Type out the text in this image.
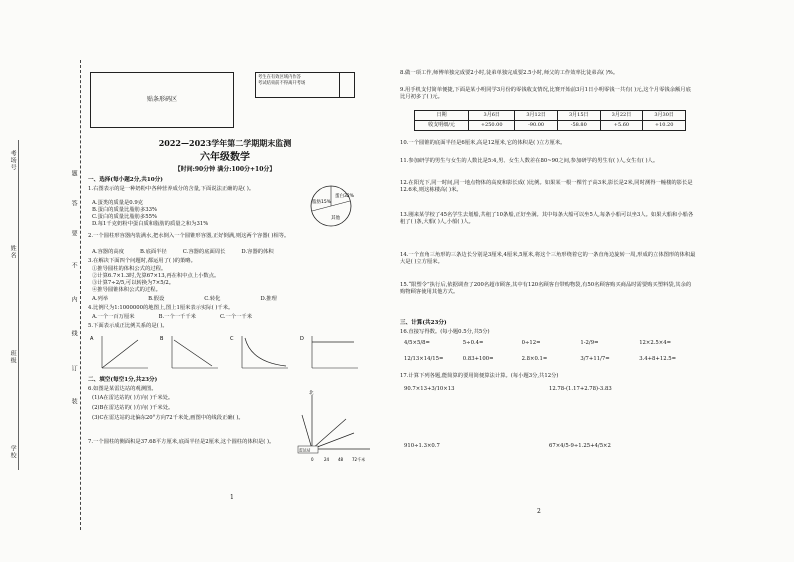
考场号
姓名
班级
学校
题
答
要
不
内
线
订
装
贴条形码区
考生在有效区域内作答
考试结束前不得离开考场
2022—2023学年第二学期期末监测
六年级数学
【时间:90分钟 满分:100分+10分】
一、选择(每小题2分,共10分)
1.右图表示的是一种奶粉中各种营养成分的含量,下面说法正确的是( )。
A.蛋类的质量是0.9克
B.蛋白的质量比脂肪多33%
C.蛋白的质量比脂肪多55%
D.每1千克奶粉中蛋白质和脂肪的质量之和为31%
蛋白32%
脂肪15%
其他
2.一个圆柱形容器内装满水,把水倒入一个圆锥形容器,正好倒满,则这两个容器( )相等。
A.容器的高度	B.底面半径	C.容器的底面周长	D.容器的体积
3.在解决下面四个问题时,都运用了( )的策略。
①推导圆柱的体积公式的过程。
②计算6.7×1.3时,先算67×13,再在积中点上小数点。
③计算7÷2/5,可以转换为7×5/2。
④推导圆锥体积公式的过程。
A.列举	B.假设	C.转化	D.推理
4.比例尺为1:1000000的地图上,图上1厘米表示实际( )千米。
A.一个一百万厘米	B.一个一千千米	C.一个一千米
5.下面表示成正比例关系的是( )。
A	B	C	D
二、填空(每空1分,共23分)
6.如图是某雷达站的观测图。
(1)A在雷达站的( )方向( )千米处。
(2)B在雷达站的( )方向( )千米处。
(3)C在雷达站的北偏东20°方向72千米处,画图中的线段正确( )。
北
雷达站
0	24 48 72千米
7.一个圆柱的侧面积是37.68平方厘米,底面半径是2厘米,这个圆柱的体积是( )。
1
8.做一项工作,师傅单独完成要2小时,徒弟单独完成要2.5小时,师父的工作效率比徒弟高( )%。
9.用手机支付简单便捷,下面是某小明同学3月份的零钱收支情况,比赛开始前3月1日小明零钱一共有( )元,这个月零钱余额月底比月初多了( )元。
日期	3月6日	3月12日	3月15日	3月22日	3月30日
收支明细/元	+250.00	-90.00	-58.80	+5.60	+10.20
10.一个圆锥的底面半径是6厘米,高是12厘米,它的体积是( )立方厘米。
11.参加研学的男生与女生的人数比是5:4,男、女生人数差在80~90之间,参加研学的男生有( )人,女生有( )人。
12.在阳光下,同一时间,同一地点物体的高度和影长成( )比例。如果某一根一棵竹子高3米,影长是2米,同时测得一幢楼的影长是12.6米,则这栋楼高( )米。
13.刚来某学校了45名学生去划船,共租了10条船,正好坐满。其中每条大船可以坐5人,每条小船可以坐3人。如果大船和小船各租了( )条,大船( )人,小船( )人。
14.一个直角三角形的三条边长分别是3厘米,4厘米,5厘米,将这个三角形绕着它的一条直角边旋转一周,形成的立体图形的体积最大是( )立方厘米。
15.“限塑令”执行后,依据调查了200名超市顾客,其中有120名顾客自带购物袋,有50名顾客购买商品时需要购买塑料袋,其余的购物顾客使用其他方式。
三、计算(共23分)
16.直接写得数。(每小题0.5分,共5分)
4/5×5/8=	5÷0.4=	0÷12=	1-2/9=	12×2.5×4=
12/13×14/15=	0.83+100=	2.8×0.1=	3/7+11/7=	3.4+8+12.5=
17.计算下列各题,能简算的要用简便算法计算。(每小题3分,共12分)
90.7×13+3/10×13	12.78-(1.17+2.78)-3.83
910÷1.3×0.7	67×4/5-9÷1.25+4/5×2
2
